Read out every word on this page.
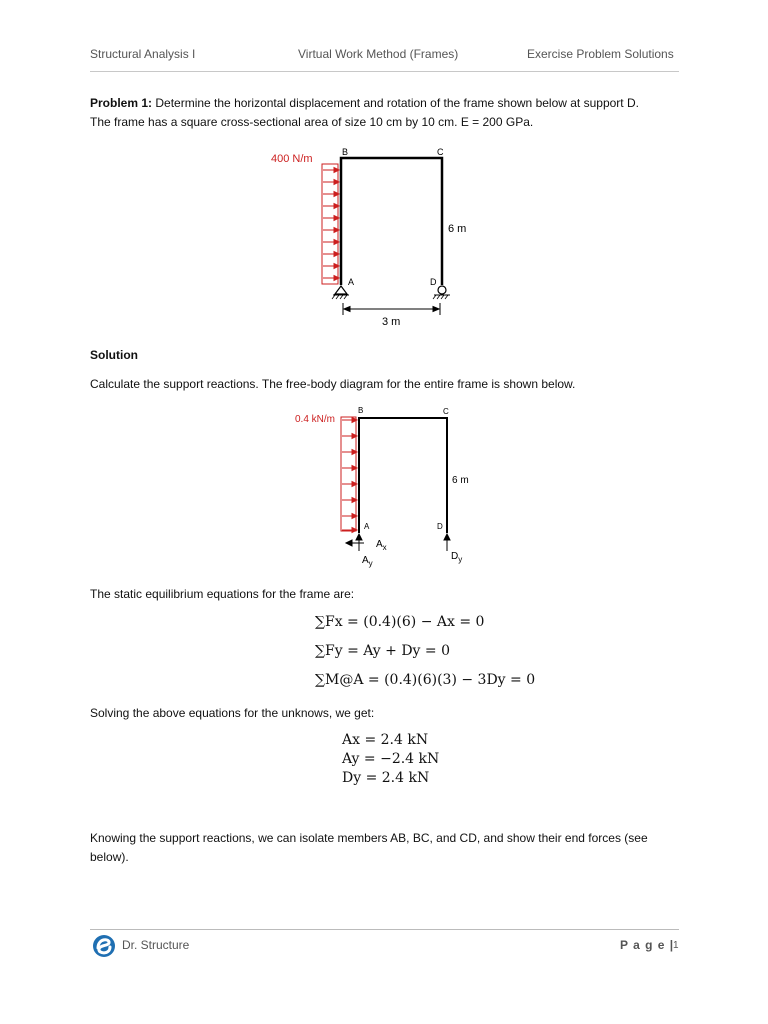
Structural Analysis I	Virtual Work Method (Frames)	Exercise Problem Solutions
Problem 1: Determine the horizontal displacement and rotation of the frame shown below at support D.
The frame has a square cross-sectional area of size 10 cm by 10 cm. E = 200 GPa.
400 N/m
B	C
A	D
6 m
3 m
Solution
Calculate the support reactions. The free-body diagram for the entire frame is shown below.
0.4 kN/m
B	C
A	D
6 m
$A_x$
$A_y$
$D_y$
The static equilibrium equations for the frame are:
∑Fx = (0.4)(6) − Ax = 0
∑Fy = Ay + Dy = 0
∑M@A = (0.4)(6)(3) − 3Dy = 0
Solving the above equations for the unknows, we get:
Ax = 2.4 kN
Ay = −2.4 kN
Dy = 2.4 kN
Knowing the support reactions, we can isolate members AB, BC, and CD, and show their end forces (see
below).
Dr. Structure	P a g e |
1
